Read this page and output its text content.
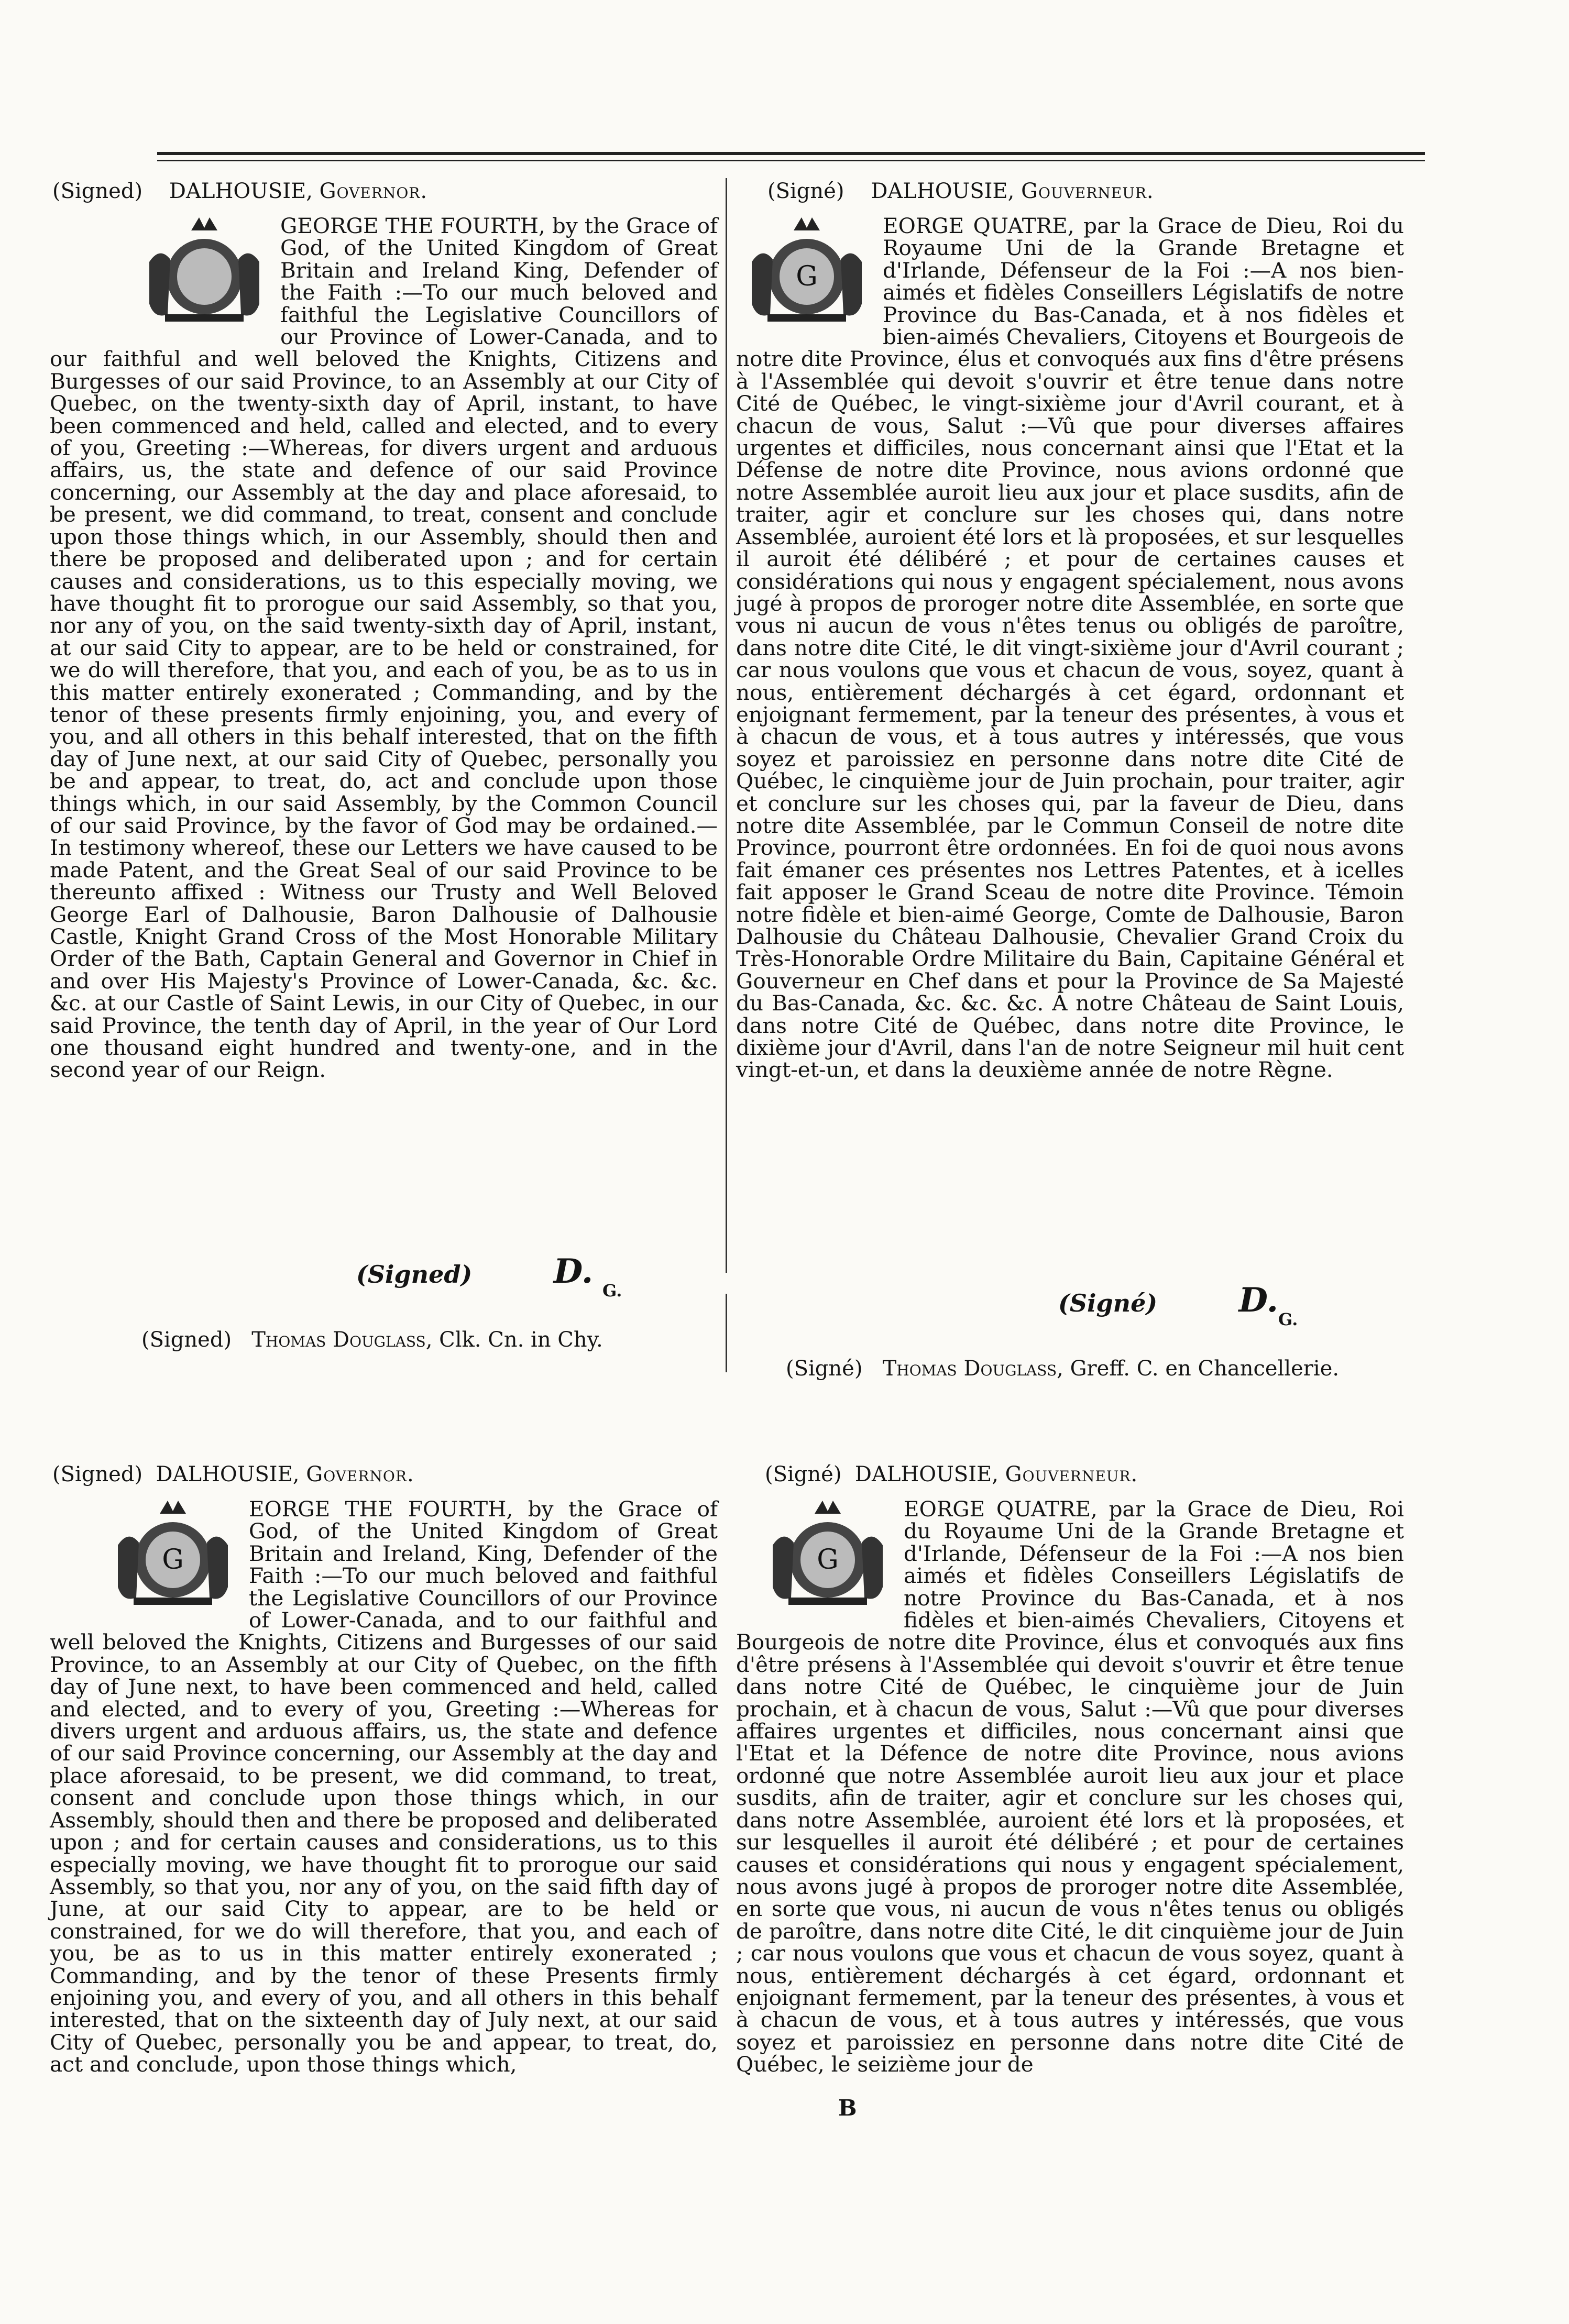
(Signed) DALHOUSIE, Governor.

GEORGE THE FOURTH, by the Grace of God, of the United Kingdom of Great Britain and Ireland King, Defender of the Faith :—To our much beloved and faithful the Legislative Councillors of our Province of Lower-Canada, and to our faithful and well beloved the Knights, Citizens and Burgesses of our said Province, to an Assembly at our City of Quebec, on the twenty-sixth day of April, instant, to have been commenced and held, called and elected, and to every of you, Greeting :—Whereas, for divers urgent and arduous affairs, us, the state and defence of our said Province concerning, our Assembly at the day and place aforesaid, to be present, we did command, to treat, consent and conclude upon those things which, in our Assembly, should then and there be proposed and deliberated upon ; and for certain causes and considerations, us to this especially moving, we have thought fit to prorogue our said Assembly, so that you, nor any of you, on the said twenty-sixth day of April, instant, at our said City to appear, are to be held or constrained, for we do will therefore, that you, and each of you, be as to us in this matter entirely exonerated ; Commanding, and by the tenor of these presents firmly enjoining, you, and every of you, and all others in this behalf interested, that on the fifth day of June next, at our said City of Quebec, personally you be and appear, to treat, do, act and conclude upon those things which, in our said Assembly, by the Common Council of our said Province, by the favor of God may be ordained.—In testimony whereof, these our Letters we have caused to be made Patent, and the Great Seal of our said Province to be thereunto affixed : Witness our Trusty and Well Beloved George Earl of Dalhousie, Baron Dalhousie of Dalhousie Castle, Knight Grand Cross of the Most Honorable Military Order of the Bath, Captain General and Governor in Chief in and over His Majesty's Province of Lower-Canada, &c. &c. &c. at our Castle of Saint Lewis, in our City of Quebec, in our said Province, the tenth day of April, in the year of Our Lord one thousand eight hundred and twenty-one, and in the second year of our Reign.

(Signed) D. G.
(Signed) Thomas Douglass, Clk. Cn. in Chy.
(Signé) DALHOUSIE, Gouverneur.
G

EORGE QUATRE, par la Grace de Dieu, Roi du Royaume Uni de la Grande Bretagne et d'Irlande, Défenseur de la Foi :—A nos bien-aimés et fidèles Conseillers Législatifs de notre Province du Bas-Canada, et à nos fidèles et bien-aimés Chevaliers, Citoyens et Bourgeois de notre dite Province, élus et convoqués aux fins d'être présens à l'Assemblée qui devoit s'ouvrir et être tenue dans notre Cité de Québec, le vingt-sixième jour d'Avril courant, et à chacun de vous, Salut :—Vû que pour diverses affaires urgentes et difficiles, nous concernant ainsi que l'Etat et la Défense de notre dite Province, nous avions ordonné que notre Assemblée auroit lieu aux jour et place susdits, afin de traiter, agir et conclure sur les choses qui, dans notre Assemblée, auroient été lors et là proposées, et sur lesquelles il auroit été délibéré ; et pour de certaines causes et considérations qui nous y engagent spécialement, nous avons jugé à propos de proroger notre dite Assemblée, en sorte que vous ni aucun de vous n'êtes tenus ou obligés de paroître, dans notre dite Cité, le dit vingt-sixième jour d'Avril courant ; car nous voulons que vous et chacun de vous, soyez, quant à nous, entièrement déchargés à cet égard, ordonnant et enjoignant fermement, par la teneur des présentes, à vous et à chacun de vous, et à tous autres y intéressés, que vous soyez et paroissiez en personne dans notre dite Cité de Québec, le cinquième jour de Juin prochain, pour traiter, agir et conclure sur les choses qui, par la faveur de Dieu, dans notre dite Assemblée, par le Commun Conseil de notre dite Province, pourront être ordonnées. En foi de quoi nous avons fait émaner ces présentes nos Lettres Patentes, et à icelles fait apposer le Grand Sceau de notre dite Province. Témoin notre fidèle et bien-aimé George, Comte de Dalhousie, Baron Dalhousie du Château Dalhousie, Chevalier Grand Croix du Très-Honorable Ordre Militaire du Bain, Capitaine Général et Gouverneur en Chef dans et pour la Province de Sa Majesté du Bas-Canada, &c. &c. &c. A notre Château de Saint Louis, dans notre Cité de Québec, dans notre dite Province, le dixième jour d'Avril, dans l'an de notre Seigneur mil huit cent vingt-et-un, et dans la deuxième année de notre Règne.

(Signé) D. G.
(Signé) Thomas Douglass, Greff. C. en Chancellerie.
(Signed) DALHOUSIE, Governor.
G

EORGE THE FOURTH, by the Grace of God, of the United Kingdom of Great Britain and Ireland, King, Defender of the Faith :—To our much beloved and faithful the Legislative Councillors of our Province of Lower-Canada, and to our faithful and well beloved the Knights, Citizens and Burgesses of our said Province, to an Assembly at our City of Quebec, on the fifth day of June next, to have been commenced and held, called and elected, and to every of you, Greeting :—Whereas for divers urgent and arduous affairs, us, the state and defence of our said Province concerning, our Assembly at the day and place aforesaid, to be present, we did command, to treat, consent and conclude upon those things which, in our Assembly, should then and there be proposed and deliberated upon ; and for certain causes and considerations, us to this especially moving, we have thought fit to prorogue our said Assembly, so that you, nor any of you, on the said fifth day of June, at our said City to appear, are to be held or constrained, for we do will therefore, that you, and each of you, be as to us in this matter entirely exonerated ; Commanding, and by the tenor of these Presents firmly enjoining you, and every of you, and all others in this behalf interested, that on the sixteenth day of July next, at our said City of Quebec, personally you be and appear, to treat, do, act and conclude, upon those things which,

(Signé) DALHOUSIE, Gouverneur.
G

EORGE QUATRE, par la Grace de Dieu, Roi du Royaume Uni de la Grande Bretagne et d'Irlande, Défenseur de la Foi :—A nos bien aimés et fidèles Conseillers Législatifs de notre Province du Bas-Canada, et à nos fidèles et bien-aimés Chevaliers, Citoyens et Bourgeois de notre dite Province, élus et convoqués aux fins d'être présens à l'Assemblée qui devoit s'ouvrir et être tenue dans notre Cité de Québec, le cinquième jour de Juin prochain, et à chacun de vous, Salut :—Vû que pour diverses affaires urgentes et difficiles, nous concernant ainsi que l'Etat et la Défence de notre dite Province, nous avions ordonné que notre Assemblée auroit lieu aux jour et place susdits, afin de traiter, agir et conclure sur les choses qui, dans notre Assemblée, auroient été lors et là proposées, et sur lesquelles il auroit été délibéré ; et pour de certaines causes et considérations qui nous y engagent spécialement, nous avons jugé à propos de proroger notre dite Assemblée, en sorte que vous, ni aucun de vous n'êtes tenus ou obligés de paroître, dans notre dite Cité, le dit cinquième jour de Juin ; car nous voulons que vous et chacun de vous soyez, quant à nous, entièrement déchargés à cet égard, ordonnant et enjoignant fermement, par la teneur des présentes, à vous et à chacun de vous, et à tous autres y intéressés, que vous soyez et paroissiez en personne dans notre dite Cité de Québec, le seizième jour de

B
